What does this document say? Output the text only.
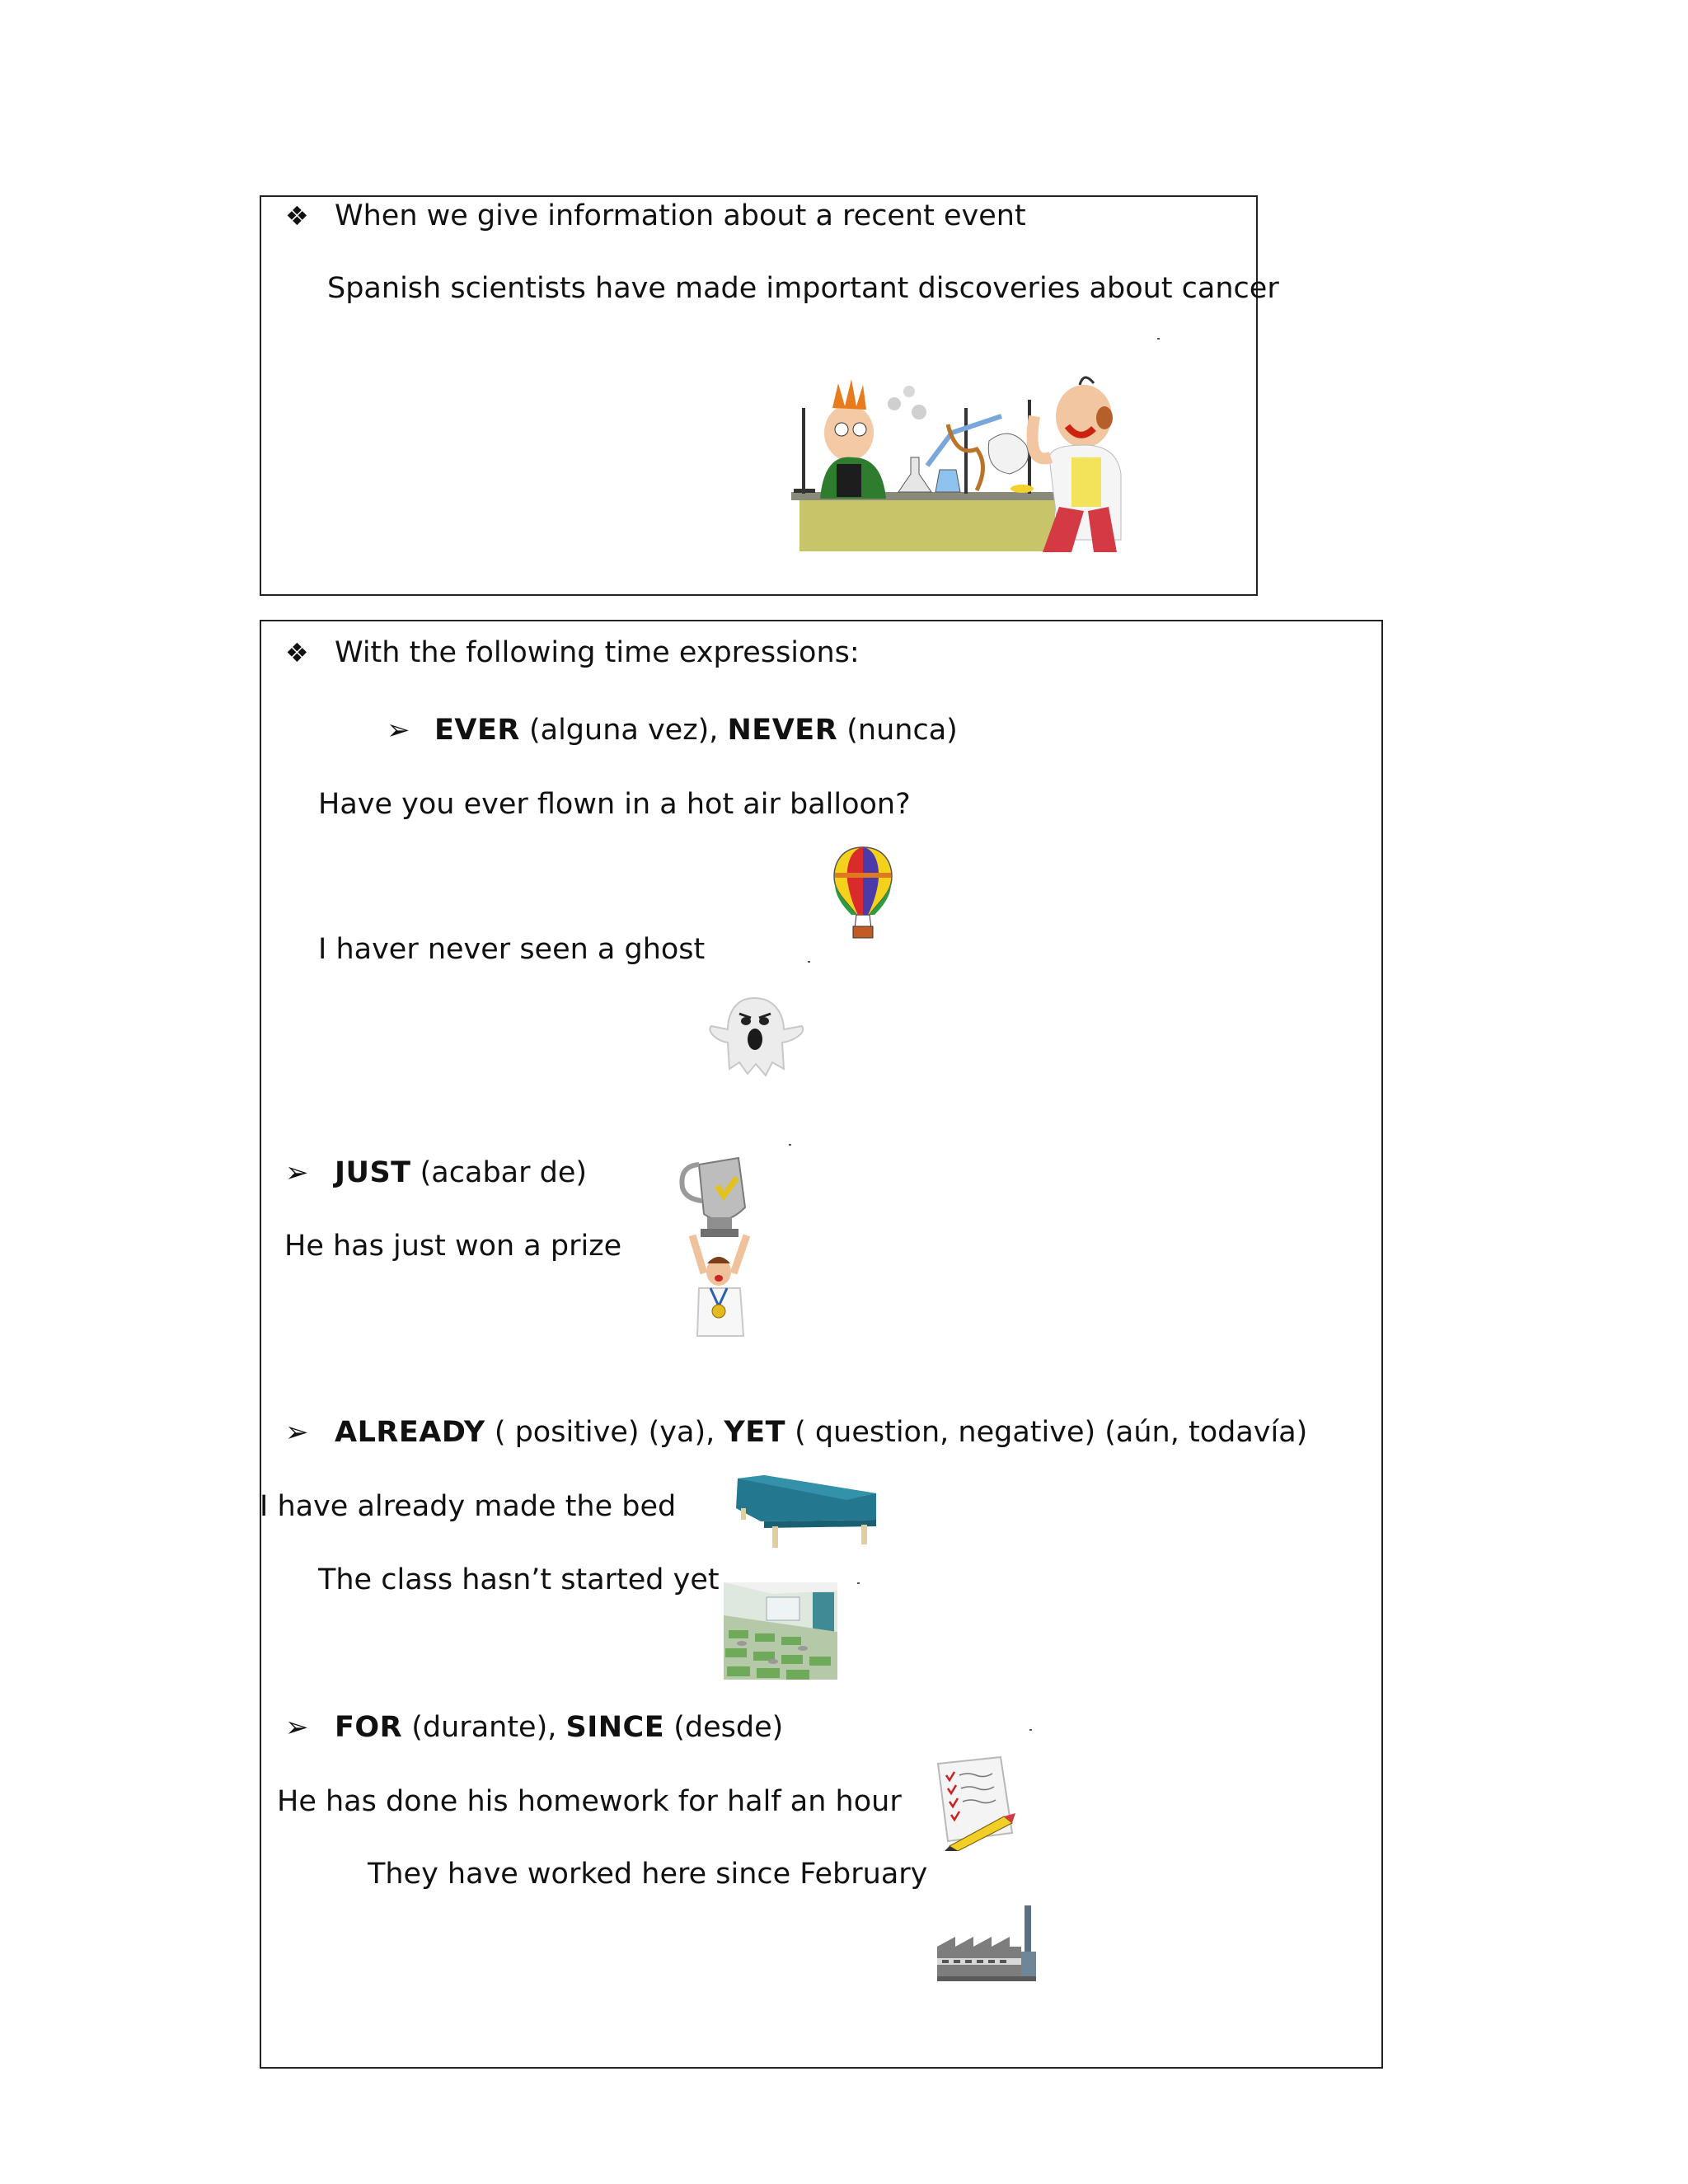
❖ When we give information about a recent event
Spanish scientists have made important discoveries about cancer
❖ With the following time expressions:
➢ EVER (alguna vez), NEVER (nunca)
Have you ever flown in a hot air balloon?
I haver never seen a ghost
➢ JUST (acabar de)
He has just won a prize
➢ ALREADY ( positive) (ya), YET ( question, negative) (aún, todavía)
I have already made the bed
The class hasn’t started yet
➢ FOR (durante), SINCE (desde)
He has done his homework for half an hour
They have worked here since February
